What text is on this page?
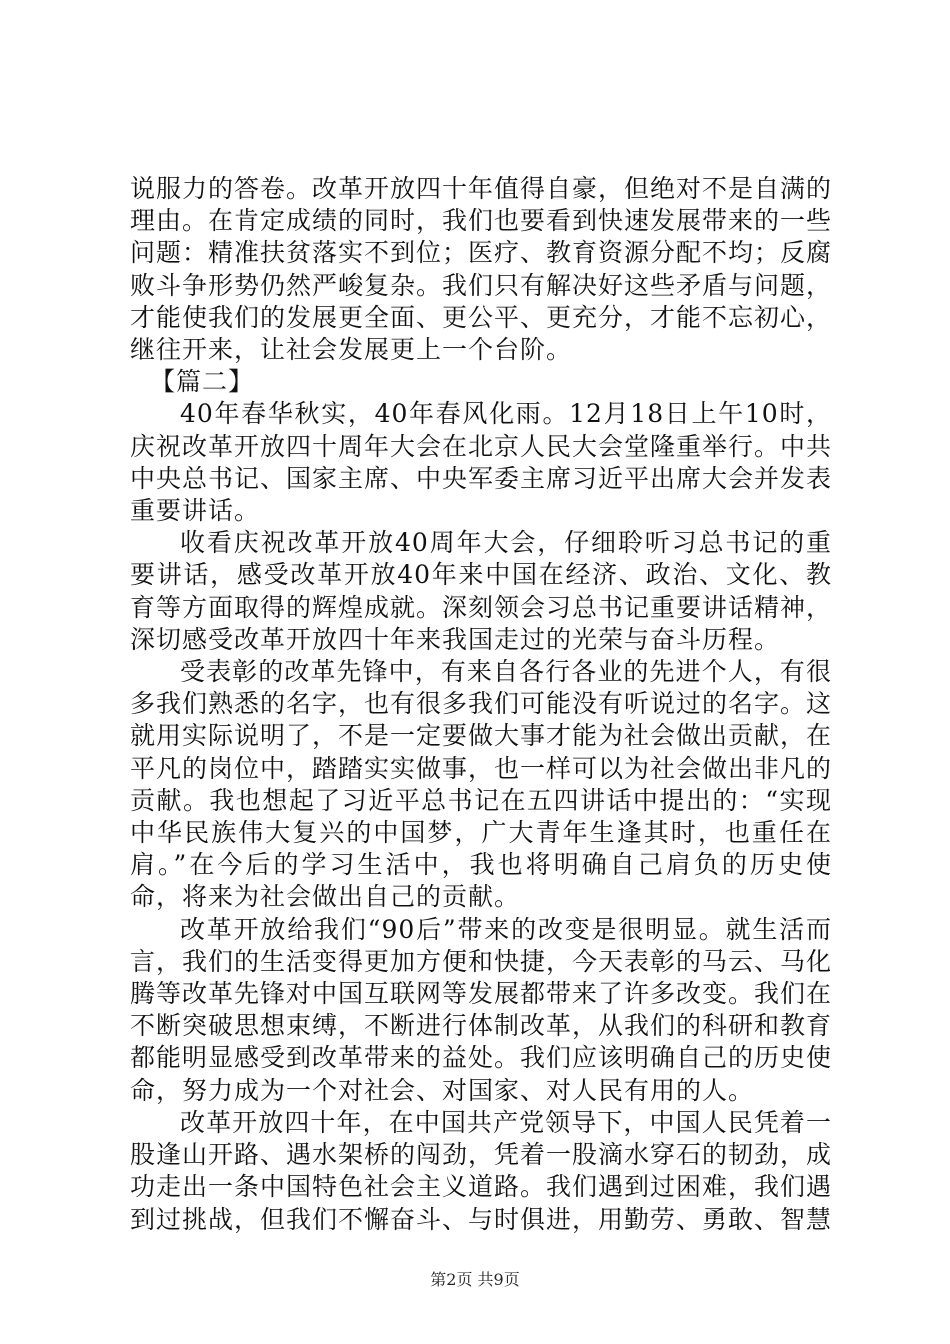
说服力的答卷。改革开放四十年值得自豪，但绝对不是自满的理由。在肯定成绩的同时，我们也要看到快速发展带来的一些问题：精准扶贫落实不到位；医疗、教育资源分配不均；反腐败斗争形势仍然严峻复杂。我们只有解决好这些矛盾与问题，才能使我们的发展更全面、更公平、更充分，才能不忘初心，继往开来，让社会发展更上一个台阶。

【篇二】

40年春华秋实，40年春风化雨。12月18日上午10时，庆祝改革开放四十周年大会在北京人民大会堂隆重举行。中共中央总书记、国家主席、中央军委主席习近平出席大会并发表重要讲话。

收看庆祝改革开放40周年大会，仔细聆听习总书记的重要讲话，感受改革开放40年来中国在经济、政治、文化、教育等方面取得的辉煌成就。深刻领会习总书记重要讲话精神，深切感受改革开放四十年来我国走过的光荣与奋斗历程。

受表彰的改革先锋中，有来自各行各业的先进个人，有很多我们熟悉的名字，也有很多我们可能没有听说过的名字。这就用实际说明了，不是一定要做大事才能为社会做出贡献，在平凡的岗位中，踏踏实实做事，也一样可以为社会做出非凡的贡献。我也想起了习近平总书记在五四讲话中提出的：“实现中华民族伟大复兴的中国梦，广大青年生逢其时，也重任在肩。”在今后的学习生活中，我也将明确自己肩负的历史使命，将来为社会做出自己的贡献。

改革开放给我们“90后”带来的改变是很明显。就生活而言，我们的生活变得更加方便和快捷，今天表彰的马云、马化腾等改革先锋对中国互联网等发展都带来了许多改变。我们在不断突破思想束缚，不断进行体制改革，从我们的科研和教育都能明显感受到改革带来的益处。我们应该明确自己的历史使命，努力成为一个对社会、对国家、对人民有用的人。

改革开放四十年，在中国共产党领导下，中国人民凭着一股逢山开路、遇水架桥的闯劲，凭着一股滴水穿石的韧劲，成功走出一条中国特色社会主义道路。我们遇到过困难，我们遇到过挑战，但我们不懈奋斗、与时俱进，用勤劳、勇敢、智慧

第2页 共9页
